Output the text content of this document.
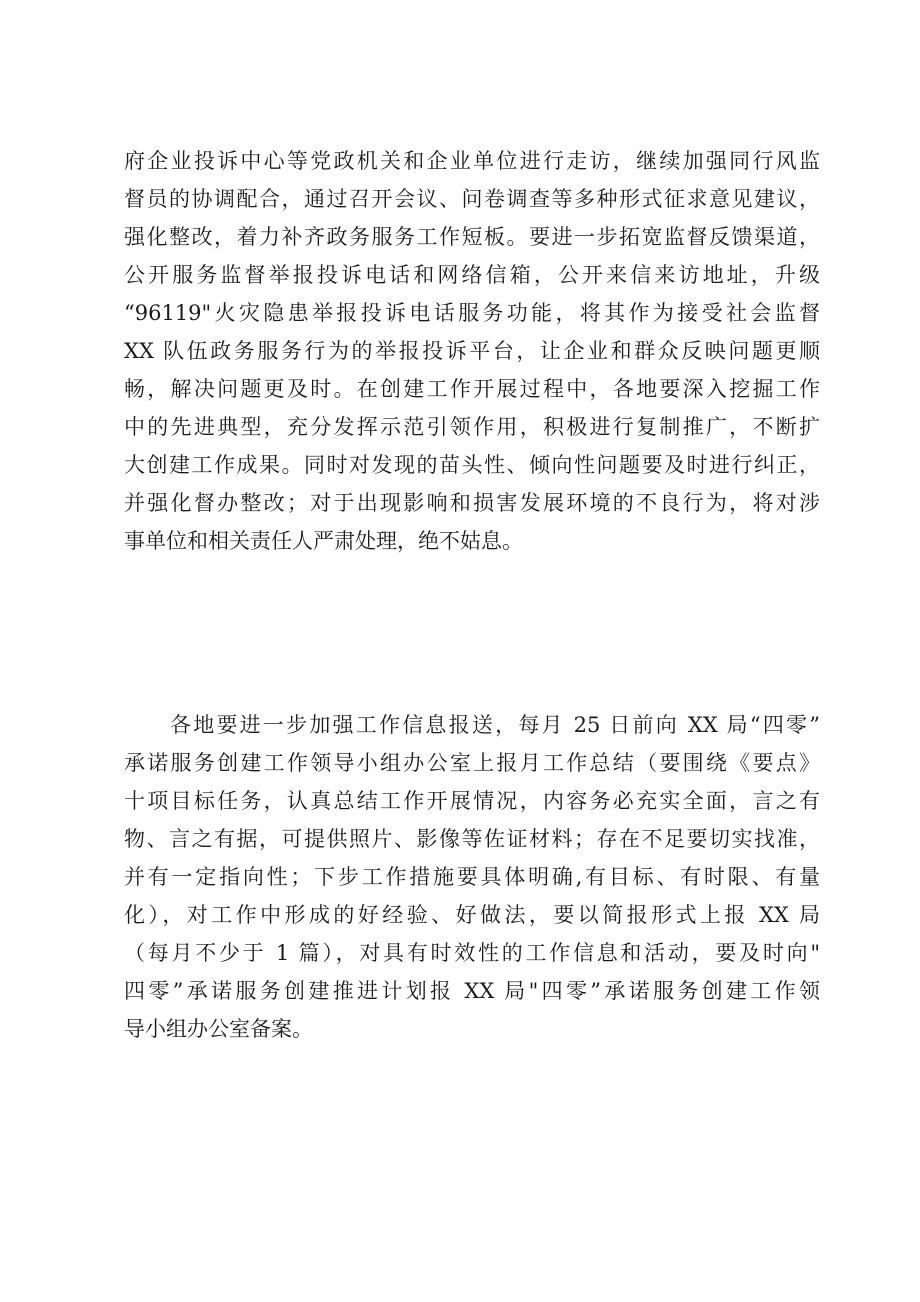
府企业投诉中心等党政机关和企业单位进行走访，继续加强同行风监
督员的协调配合，通过召开会议、问卷调查等多种形式征求意见建议，
强化整改，着力补齐政务服务工作短板。要进一步拓宽监督反馈渠道，
公开服务监督举报投诉电话和网络信箱，公开来信来访地址，升级
“96119"火灾隐患举报投诉电话服务功能，将其作为接受社会监督
XX 队伍政务服务行为的举报投诉平台，让企业和群众反映问题更顺
畅，解决问题更及时。在创建工作开展过程中，各地要深入挖掘工作
中的先进典型，充分发挥示范引领作用，积极进行复制推广，不断扩
大创建工作成果。同时对发现的苗头性、倾向性问题要及时进行纠正，
并强化督办整改；对于出现影响和损害发展环境的不良行为，将对涉
事单位和相关责任人严肃处理，绝不姑息。
各地要进一步加强工作信息报送，每月 25 日前向 XX 局“四零”
承诺服务创建工作领导小组办公室上报月工作总结（要围绕《要点》
十项目标任务，认真总结工作开展情况，内容务必充实全面，言之有
物、言之有据，可提供照片、影像等佐证材料；存在不足要切实找准，
并有一定指向性；下步工作措施要具体明确,有目标、有时限、有量
化），对工作中形成的好经验、好做法，要以简报形式上报 XX 局
（每月不少于 1 篇），对具有时效性的工作信息和活动，要及时向"
四零”承诺服务创建推进计划报 XX 局"四零”承诺服务创建工作领
导小组办公室备案。
